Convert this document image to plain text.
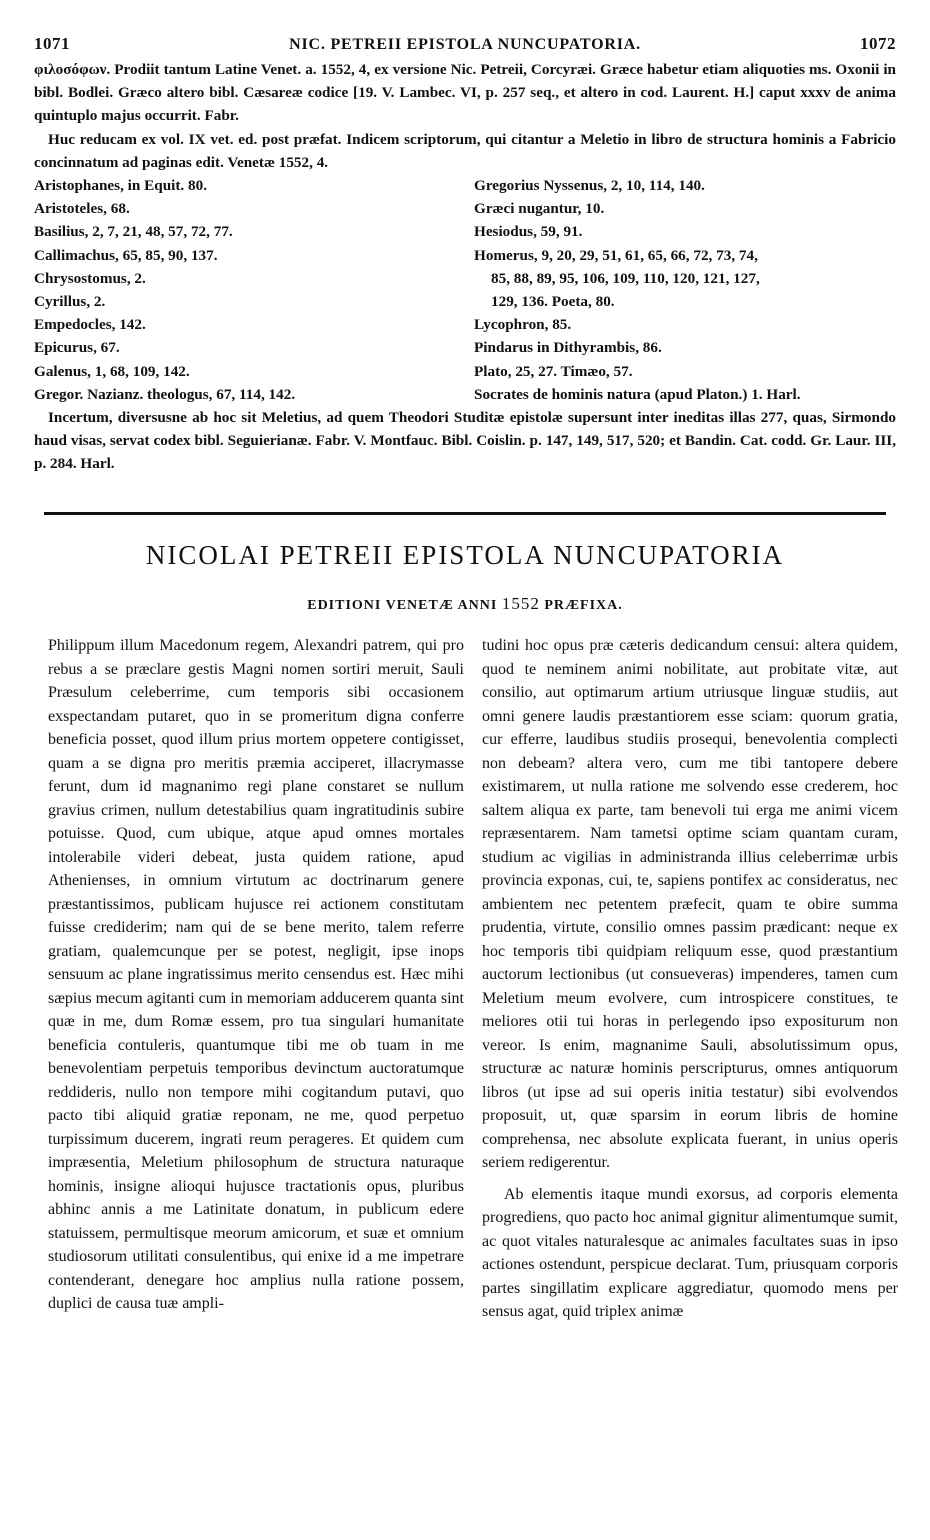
1071	NIC. PETREII EPISTOLA NUNCUPATORIA.	1072

φιλοσόφων. Prodiit tantum Latine Venet. a. 1552, 4, ex versione Nic. Petreii, Corcyræi. Græce habetur etiam aliquoties ms. Oxonii in bibl. Bodlei. Græco altero bibl. Cæsareæ codice [19. V. Lambec. VI, p. 257 seq., et altero in cod. Laurent. H.] caput xxxv de anima quintuplo majus occurrit. Fabr.

Huc reducam ex vol. IX vet. ed. post præfat. Indicem scriptorum, qui citantur a Meletio in libro de structura hominis a Fabricio concinnatum ad paginas edit. Venetæ 1552, 4.

Aristophanes, in Equit. 80.
Aristoteles, 68.
Basilius, 2, 7, 21, 48, 57, 72, 77.
Callimachus, 65, 85, 90, 137.
Chrysostomus, 2.
Cyrillus, 2.
Empedocles, 142.
Epicurus, 67.
Galenus, 1, 68, 109, 142.
Gregor. Nazianz. theologus, 67, 114, 142.
Gregorius Nyssenus, 2, 10, 114, 140.
Græci nugantur, 10.
Hesiodus, 59, 91.
Homerus, 9, 20, 29, 51, 61, 65, 66, 72, 73, 74,
85, 88, 89, 95, 106, 109, 110, 120, 121, 127,
129, 136. Poeta, 80.
Lycophron, 85.
Pindarus in Dithyrambis, 86.
Plato, 25, 27. Timæo, 57.
Socrates de hominis natura (apud Platon.) 1. Harl.

Incertum, diversusne ab hoc sit Meletius, ad quem Theodori Studitæ epistolæ supersunt inter ineditas illas 277, quas, Sirmondo haud visas, servat codex bibl. Seguierianæ. Fabr. V. Montfauc. Bibl. Coislin. p. 147, 149, 517, 520; et Bandin. Cat. codd. Gr. Laur. III, p. 284. Harl.

NICOLAI PETREII EPISTOLA NUNCUPATORIA
EDITIONI VENETÆ ANNI 1552 PRÆFIXA.

Philippum illum Macedonum regem, Alexandri patrem, qui pro rebus a se præclare gestis Magni nomen sortiri meruit, Sauli Præsulum celeberrime, cum temporis sibi occasionem exspectandam putaret, quo in se promeritum digna conferre beneficia posset, quod illum prius mortem oppetere contigisset, quam a se digna pro meritis præmia acciperet, illacrymasse ferunt, dum id magnanimo regi plane constaret se nullum gravius crimen, nullum detestabilius quam ingratitudinis subire potuisse. Quod, cum ubique, atque apud omnes mortales intolerabile videri debeat, justa quidem ratione, apud Athenienses, in omnium virtutum ac doctrinarum genere præstantissimos, publicam hujusce rei actionem constitutam fuisse crediderim; nam qui de se bene merito, talem referre gratiam, qualemcunque per se potest, negligit, ipse inops sensuum ac plane ingratissimus merito censendus est. Hæc mihi sæpius mecum agitanti cum in memoriam adducerem quanta sint quæ in me, dum Romæ essem, pro tua singulari humanitate beneficia contuleris, quantumque tibi me ob tuam in me benevolentiam perpetuis temporibus devinctum auctoratumque reddideris, nullo non tempore mihi cogitandum putavi, quo pacto tibi aliquid gratiæ reponam, ne me, quod perpetuo turpissimum ducerem, ingrati reum perageres. Et quidem cum impræsentia, Meletium philosophum de structura naturaque hominis, insigne alioqui hujusce tractationis opus, pluribus abhinc annis a me Latinitate donatum, in publicum edere statuissem, permultisque meorum amicorum, et suæ et omnium studiosorum utilitati consulentibus, qui enixe id a me impetrare contenderant, denegare hoc amplius nulla ratione possem, duplici de causa tuæ ampli-

tudini hoc opus præ cæteris dedicandum censui: altera quidem, quod te neminem animi nobilitate, aut probitate vitæ, aut consilio, aut optimarum artium utriusque linguæ studiis, aut omni genere laudis præstantiorem esse sciam: quorum gratia, cur efferre, laudibus studiis prosequi, benevolentia complecti non debeam? altera vero, cum me tibi tantopere debere existimarem, ut nulla ratione me solvendo esse crederem, hoc saltem aliqua ex parte, tam benevoli tui erga me animi vicem repræsentarem. Nam tametsi optime sciam quantam curam, studium ac vigilias in administranda illius celeberrimæ urbis provincia exponas, cui, te, sapiens pontifex ac consideratus, nec ambientem nec petentem præfecit, quam te obire summa prudentia, virtute, consilio omnes passim prædicant: neque ex hoc temporis tibi quidpiam reliquum esse, quod præstantium auctorum lectionibus (ut consueveras) impenderes, tamen cum Meletium meum evolvere, cum introspicere constitues, te meliores otii tui horas in perlegendo ipso expositurum non vereor. Is enim, magnanime Sauli, absolutissimum opus, structuræ ac naturæ hominis perscripturus, omnes antiquorum libros (ut ipse ad sui operis initia testatur) sibi evolvendos proposuit, ut, quæ sparsim in eorum libris de homine comprehensa, nec absolute explicata fuerant, in unius operis seriem redigerentur.

Ab elementis itaque mundi exorsus, ad corporis elementa progrediens, quo pacto hoc animal gignitur alimentumque sumit, ac quot vitales naturalesque ac animales facultates suas in ipso actiones ostendunt, perspicue declarat. Tum, priusquam corporis partes singillatim explicare aggrediatur, quomodo mens per sensus agat, quid triplex animæ
